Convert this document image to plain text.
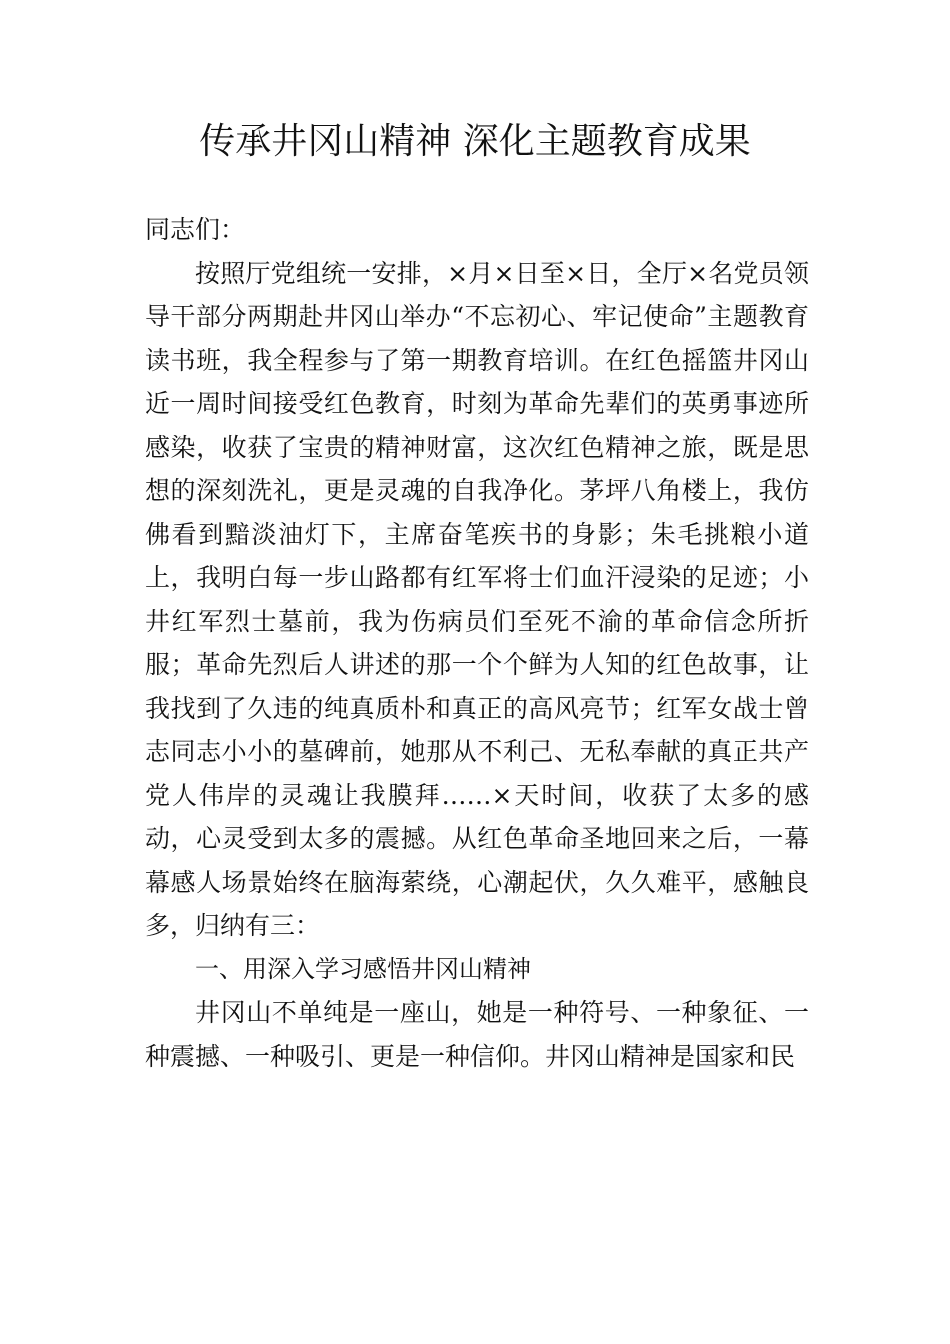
传承井冈山精神 深化主题教育成果

同志们：

按照厅党组统一安排，×月×日至×日，全厅×名党员领导干部分两期赴井冈山举办“不忘初心、牢记使命”主题教育读书班，我全程参与了第一期教育培训。在红色摇篮井冈山近一周时间接受红色教育，时刻为革命先辈们的英勇事迹所感染，收获了宝贵的精神财富，这次红色精神之旅，既是思想的深刻洗礼，更是灵魂的自我净化。茅坪八角楼上，我仿佛看到黯淡油灯下，主席奋笔疾书的身影；朱毛挑粮小道上，我明白每一步山路都有红军将士们血汗浸染的足迹；小井红军烈士墓前，我为伤病员们至死不渝的革命信念所折服；革命先烈后人讲述的那一个个鲜为人知的红色故事，让我找到了久违的纯真质朴和真正的高风亮节；红军女战士曾志同志小小的墓碑前，她那从不利己、无私奉献的真正共产党人伟岸的灵魂让我膜拜……×天时间，收获了太多的感动，心灵受到太多的震撼。从红色革命圣地回来之后，一幕幕感人场景始终在脑海萦绕，心潮起伏，久久难平，感触良多，归纳有三：

一、用深入学习感悟井冈山精神

井冈山不单纯是一座山，她是一种符号、一种象征、一种震撼、一种吸引、更是一种信仰。井冈山精神是国家和民
